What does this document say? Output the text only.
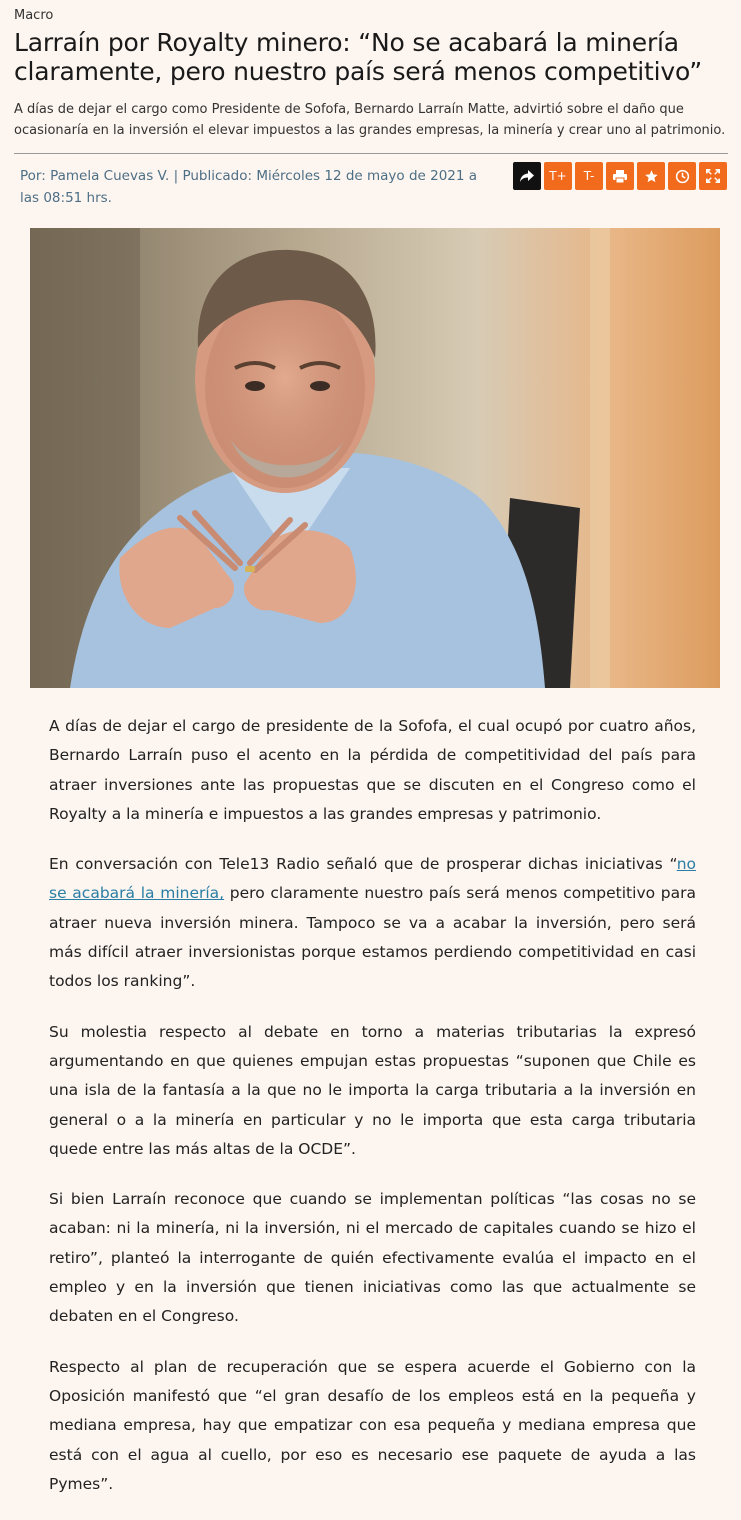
Macro
Larraín por Royalty minero: “No se acabará la minería claramente, pero nuestro país será menos competitivo”

A días de dejar el cargo como Presidente de Sofofa, Bernardo Larraín Matte, advirtió sobre el daño que ocasionaría en la inversión el elevar impuestos a las grandes empresas, la minería y crear uno al patrimonio.

Por: Pamela Cuevas V. | Publicado: Miércoles 12 de mayo de 2021 a las 08:51 hrs.
T+	T-

A días de dejar el cargo de presidente de la Sofofa, el cual ocupó por cuatro años, Bernardo Larraín puso el acento en la pérdida de competitividad del país para atraer inversiones ante las propuestas que se discuten en el Congreso como el Royalty a la minería e impuestos a las grandes empresas y patrimonio.

En conversación con Tele13 Radio señaló que de prosperar dichas iniciativas “no se acabará la minería, pero claramente nuestro país será menos competitivo para atraer nueva inversión minera. Tampoco se va a acabar la inversión, pero será más difícil atraer inversionistas porque estamos perdiendo competitividad en casi todos los ranking”.

Su molestia respecto al debate en torno a materias tributarias la expresó argumentando en que quienes empujan estas propuestas “suponen que Chile es una isla de la fantasía a la que no le importa la carga tributaria a la inversión en general o a la minería en particular y no le importa que esta carga tributaria quede entre las más altas de la OCDE”.

Si bien Larraín reconoce que cuando se implementan políticas “las cosas no se acaban: ni la minería, ni la inversión, ni el mercado de capitales cuando se hizo el retiro”, planteó la interrogante de quién efectivamente evalúa el impacto en el empleo y en la inversión que tienen iniciativas como las que actualmente se debaten en el Congreso.

Respecto al plan de recuperación que se espera acuerde el Gobierno con la Oposición manifestó que “el gran desafío de los empleos está en la pequeña y mediana empresa, hay que empatizar con esa pequeña y mediana empresa que está con el agua al cuello, por eso es necesario ese paquete de ayuda a las Pymes”.
